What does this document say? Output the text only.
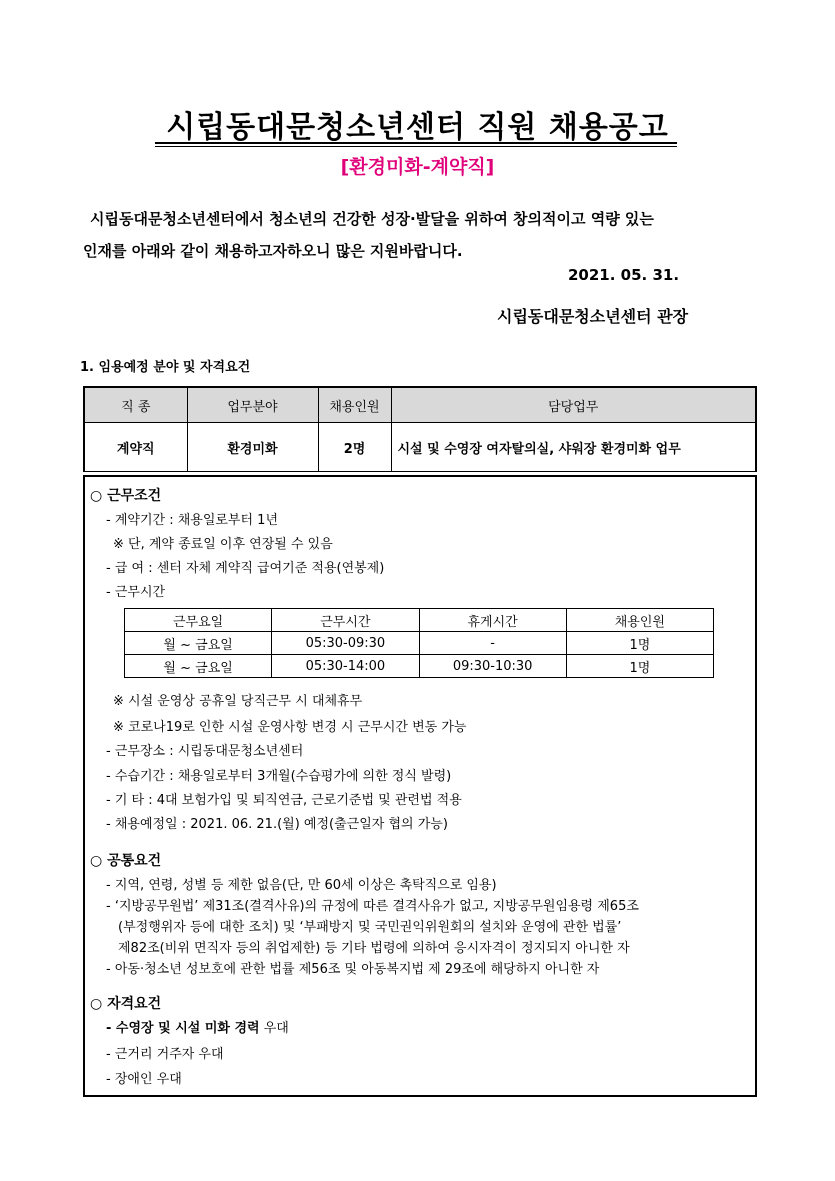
시립동대문청소년센터 직원 채용공고
[환경미화-계약직]
시립동대문청소년센터에서 청소년의 건강한 성장·발달을 위하여 창의적이고 역량 있는
인재를 아래와 같이 채용하고자하오니 많은 지원바랍니다.
2021. 05. 31.
시립동대문청소년센터 관장
1. 임용예정 분야 및 자격요건
직 종	업무분야	채용인원	담당업무
계약직	환경미화	2명	시설 및 수영장 여자탈의실, 샤워장 환경미화 업무
○ 근무조건
- 계약기간 : 채용일로부터 1년
※ 단, 계약 종료일 이후 연장될 수 있음
- 급 여 : 센터 자체 계약직 급여기준 적용(연봉제)
- 근무시간
근무요일	근무시간	휴게시간	채용인원
월 ~ 금요일	05:30-09:30	-	1명
월 ~ 금요일	05:30-14:00	09:30-10:30	1명
※ 시설 운영상 공휴일 당직근무 시 대체휴무
※ 코로나19로 인한 시설 운영사항 변경 시 근무시간 변동 가능
- 근무장소 : 시립동대문청소년센터
- 수습기간 : 채용일로부터 3개월(수습평가에 의한 정식 발령)
- 기 타 : 4대 보험가입 및 퇴직연금, 근로기준법 및 관련법 적용
- 채용예정일 : 2021. 06. 21.(월) 예정(출근일자 협의 가능)
○ 공통요건
- 지역, 연령, 성별 등 제한 없음(단, 만 60세 이상은 촉탁직으로 임용)
- ‘지방공무원법’ 제31조(결격사유)의 규정에 따른 결격사유가 없고, 지방공무원임용령 제65조
(부정행위자 등에 대한 조치) 및 ‘부패방지 및 국민권익위원회의 설치와 운영에 관한 법률’
제82조(비위 면직자 등의 취업제한) 등 기타 법령에 의하여 응시자격이 정지되지 아니한 자
- 아동·청소년 성보호에 관한 법률 제56조 및 아동복지법 제 29조에 해당하지 아니한 자
○ 자격요건
- 수영장 및 시설 미화 경력 우대
- 근거리 거주자 우대
- 장애인 우대
